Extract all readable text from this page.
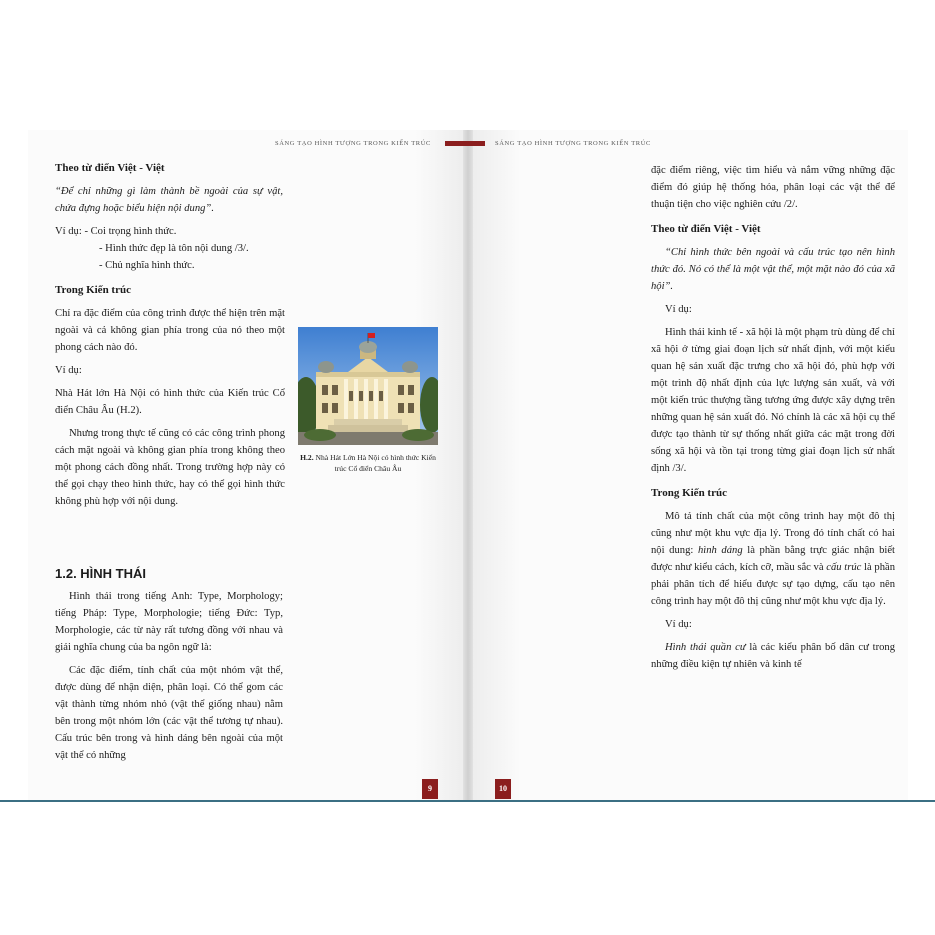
SÁNG TẠO HÌNH TƯỢNG TRONG KIẾN TRÚC	SÁNG TẠO HÌNH TƯỢNG TRONG KIẾN TRÚC

Theo từ điển Việt - Việt

“Để chỉ những gì làm thành bề ngoài của sự vật, chứa đựng hoặc biểu hiện nội dung”.

Ví dụ: - Coi trọng hình thức.
- Hình thức đẹp là tôn nội dung /3/.
- Chủ nghĩa hình thức.

Trong Kiến trúc

Chỉ ra đặc điểm của công trình được thể hiện trên mặt ngoài và cả không gian phía trong của nó theo một phong cách nào đó.

Ví dụ:

Nhà Hát lớn Hà Nội có hình thức của Kiến trúc Cổ điển Châu Âu (H.2).

Nhưng trong thực tế cũng có các công trình phong cách mặt ngoài và không gian phía trong không theo một phong cách đồng nhất. Trong trường hợp này có thể gọi chạy theo hình thức, hay có thể gọi hình thức không phù hợp với nội dung.

1.2. HÌNH THÁI

Hình thái trong tiếng Anh: Type, Morphology; tiếng Pháp: Type, Morphologie; tiếng Đức: Typ, Morphologie, các từ này rất tương đồng với nhau và giải nghĩa chung của ba ngôn ngữ là:

Các đặc điểm, tính chất của một nhóm vật thể, được dùng để nhận diện, phân loại. Có thể gom các vật thành từng nhóm nhỏ (vật thể giống nhau) nằm bên trong một nhóm lớn (các vật thể tương tự nhau). Cấu trúc bên trong và hình dáng bên ngoài của một vật thể có những

H.2. Nhà Hát Lớn Hà Nội có hình thức Kiến trúc Cổ điển Châu Âu
9

đặc điểm riêng, việc tìm hiểu và nắm vững những đặc điểm đó giúp hệ thống hóa, phân loại các vật thể để thuận tiện cho việc nghiên cứu /2/.

Theo từ điển Việt - Việt

“Chỉ hình thức bên ngoài và cấu trúc tạo nên hình thức đó. Nó có thể là một vật thể, một mặt nào đó của xã hội”.

Ví dụ:

Hình thái kinh tế - xã hội là một phạm trù dùng để chỉ xã hội ở từng giai đoạn lịch sử nhất định, với một kiểu quan hệ sản xuất đặc trưng cho xã hội đó, phù hợp với một trình độ nhất định của lực lượng sản xuất, và với một kiến trúc thượng tầng tương ứng được xây dựng trên những quan hệ sản xuất đó. Nó chính là các xã hội cụ thể được tạo thành từ sự thống nhất giữa các mặt trong đời sống xã hội và tồn tại trong từng giai đoạn lịch sử nhất định /3/.

Trong Kiến trúc

Mô tả tính chất của một công trình hay một đô thị cũng như một khu vực địa lý. Trong đó tính chất có hai nội dung: hình dáng là phần bằng trực giác nhận biết được như kiểu cách, kích cỡ, mầu sắc và cấu trúc là phần phải phân tích để hiểu được sự tạo dựng, cấu tạo nên công trình hay một đô thị cũng như một khu vực địa lý.

Ví dụ:

Hình thái quần cư là các kiểu phân bố dân cư trong những điều kiện tự nhiên và kinh tế

10
